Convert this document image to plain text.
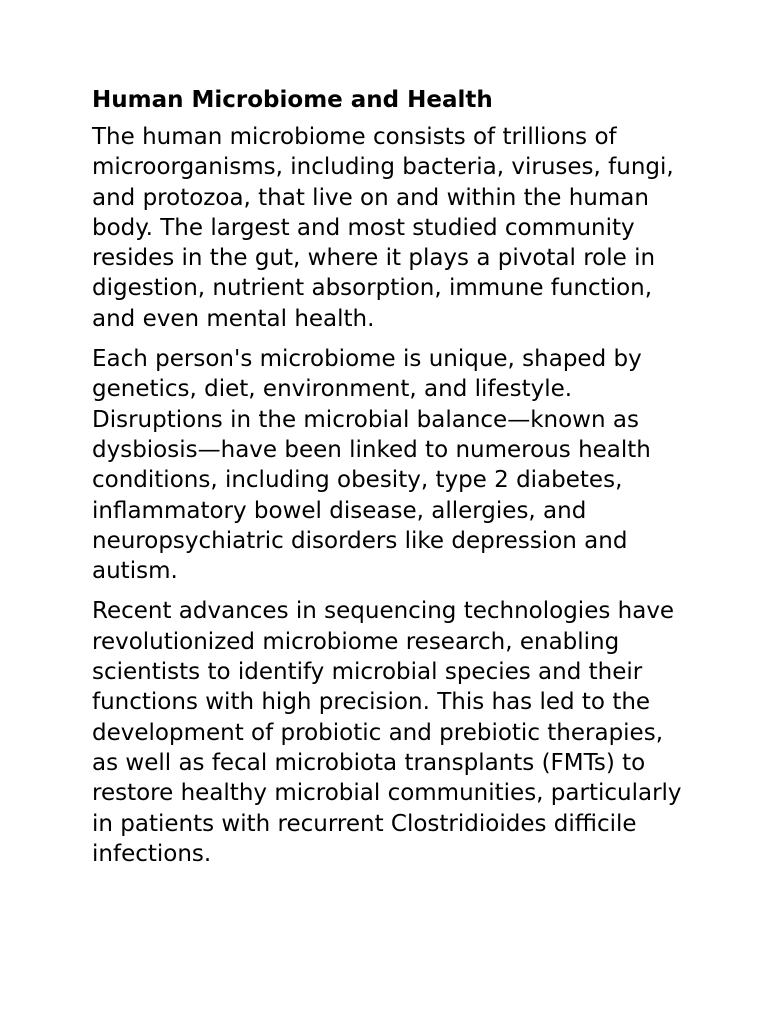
Human Microbiome and Health

The human microbiome consists of trillions of microorganisms, including bacteria, viruses, fungi, and protozoa, that live on and within the human body. The largest and most studied community resides in the gut, where it plays a pivotal role in digestion, nutrient absorption, immune function, and even mental health.

Each person's microbiome is unique, shaped by genetics, diet, environment, and lifestyle. Disruptions in the microbial balance—known as dysbiosis—have been linked to numerous health conditions, including obesity, type 2 diabetes, inflammatory bowel disease, allergies, and neuropsychiatric disorders like depression and autism.

Recent advances in sequencing technologies have revolutionized microbiome research, enabling scientists to identify microbial species and their functions with high precision. This has led to the development of probiotic and prebiotic therapies, as well as fecal microbiota transplants (FMTs) to restore healthy microbial communities, particularly in patients with recurrent Clostridioides difficile infections.
